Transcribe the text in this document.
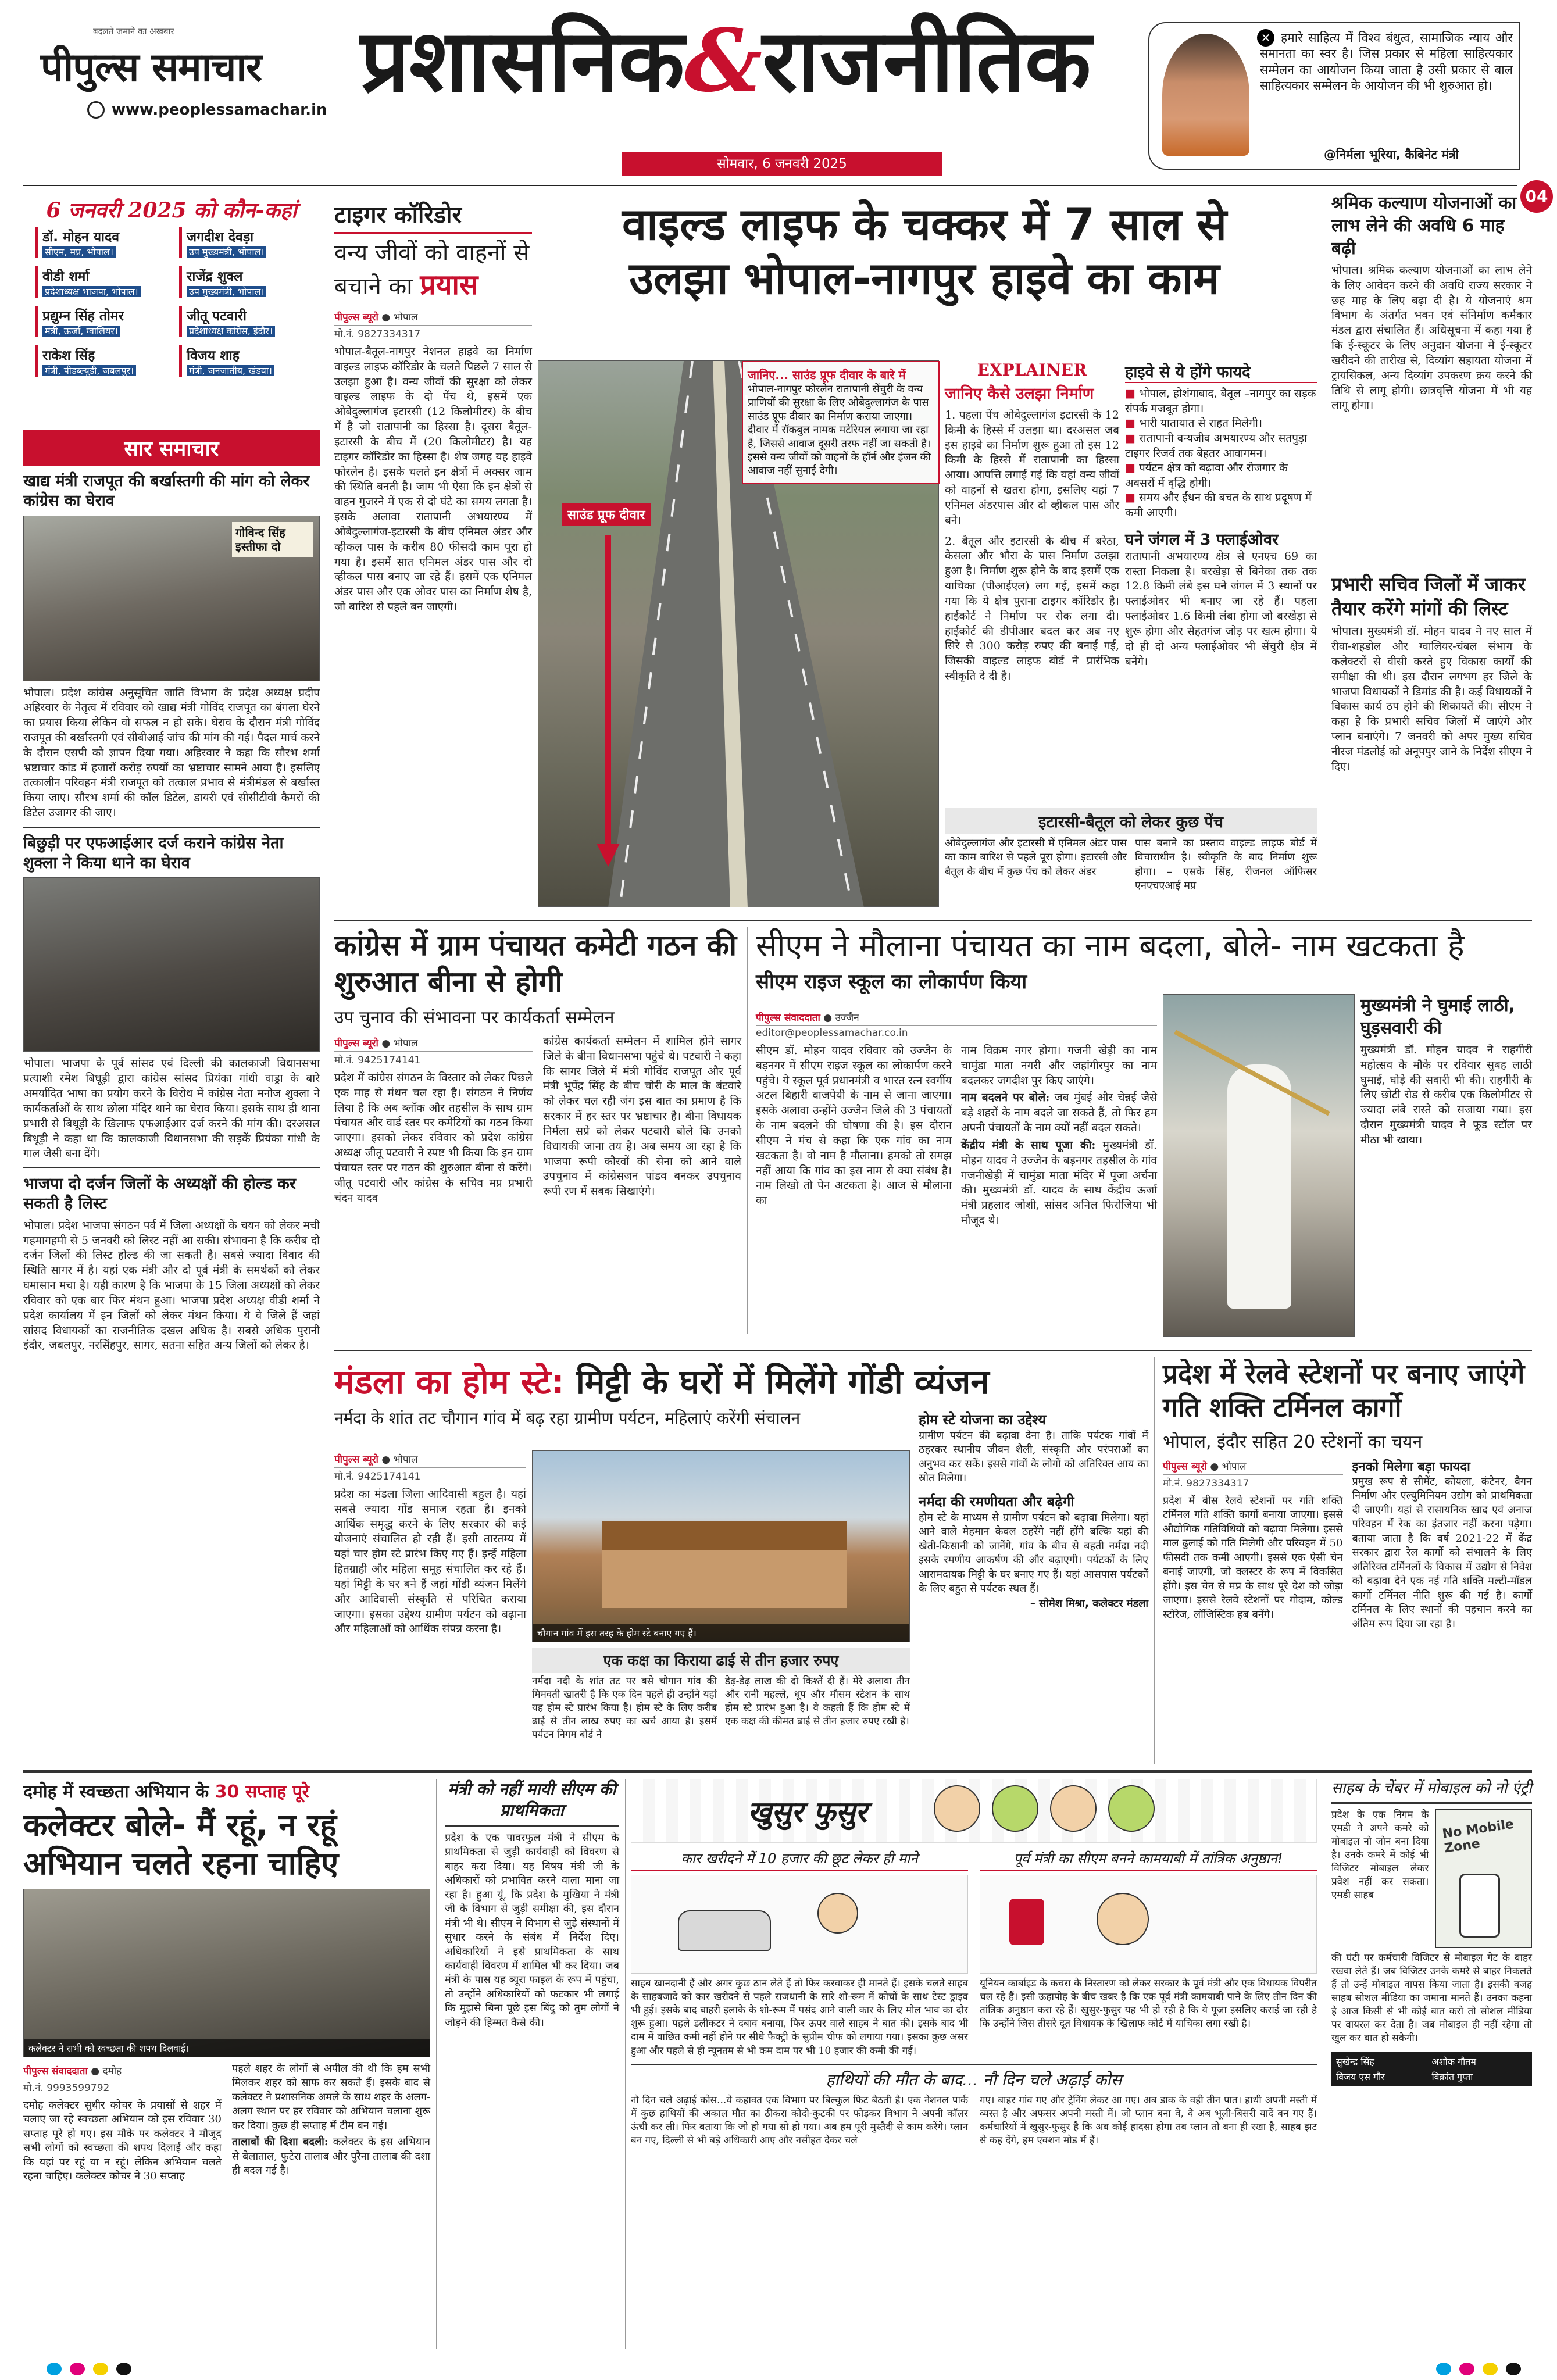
बदलते जमाने का अखबार
पीपुल्स समाचार
www.peoplessamachar.in प्रशासनिक&राजनीतिक
सोमवार, 6 जनवरी 2025
✕ हमारे साहित्य में विश्व बंधुत्व, सामाजिक न्याय और समानता का स्वर है। जिस प्रकार से महिला साहित्यकार सम्मेलन का आयोजन किया जाता है उसी प्रकार से बाल साहित्यकार सम्मेलन के आयोजन की भी शुरुआत हो।
@निर्मला भूरिया, कैबिनेट मंत्री
04
6 जनवरी 2025 को कौन-कहां
डॉ. मोहन यादव
सीएम, मप्र, भोपाल।
जगदीश देवड़ा
उप मुख्यमंत्री, भोपाल।
वीडी शर्मा
प्रदेशाध्यक्ष भाजपा, भोपाल।
राजेंद्र शुक्ल
उप मुख्यमंत्री, भोपाल।
प्रद्युम्न सिंह तोमर
मंत्री, ऊर्जा, ग्वालियर।
जीतू पटवारी
प्रदेशाध्यक्ष कांग्रेस, इंदौर।
राकेश सिंह
मंत्री, पीडब्ल्यूडी, जबलपुर।
विजय शाह
मंत्री, जनजातीय, खंडवा।
सार समाचार
खाद्य मंत्री राजपूत की बर्खास्तगी की मांग को लेकर कांग्रेस का घेराव
गोविन्द सिंह इस्तीफा दो
भोपाल। प्रदेश कांग्रेस अनुसूचित जाति विभाग के प्रदेश अध्यक्ष प्रदीप अहिरवार के नेतृत्व में रविवार को खाद्य मंत्री गोविंद राजपूत का बंगला घेरने का प्रयास किया लेकिन वो सफल न हो सके। घेराव के दौरान मंत्री गोविंद राजपूत की बर्खास्तगी एवं सीबीआई जांच की मांग की गई। पैदल मार्च करने के दौरान एसपी को ज्ञापन दिया गया। अहिरवार ने कहा कि सौरभ शर्मा भ्रष्टाचार कांड में हजारों करोड़ रुपयों का भ्रष्टाचार सामने आया है। इसलिए तत्कालीन परिवहन मंत्री राजपूत को तत्काल प्रभाव से मंत्रीमंडल से बर्खास्त किया जाए। सौरभ शर्मा की कॉल डिटेल, डायरी एवं सीसीटीवी कैमरों की डिटेल उजागर की जाए।
बिछुड़ी पर एफआईआर दर्ज कराने कांग्रेस नेता शुक्ला ने किया थाने का घेराव
भोपाल। भाजपा के पूर्व सांसद एवं दिल्ली की कालकाजी विधानसभा प्रत्याशी रमेश बिधूड़ी द्वारा कांग्रेस सांसद प्रियंका गांधी वाड्रा के बारे अमर्यादित भाषा का प्रयोग करने के विरोध में कांग्रेस नेता मनोज शुक्ला ने कार्यकर्ताओं के साथ छोला मंदिर थाने का घेराव किया। इसके साथ ही थाना प्रभारी से बिधूड़ी के खिलाफ एफआईआर दर्ज करने की मांग की। दरअसल बिधूड़ी ने कहा था कि कालकाजी विधानसभा की सड़कें प्रियंका गांधी के गाल जैसी बना देंगे।
भाजपा दो दर्जन जिलों के अध्यक्षों की होल्ड कर सकती है लिस्ट
भोपाल। प्रदेश भाजपा संगठन पर्व में जिला अध्यक्षों के चयन को लेकर मची गहमागहमी से 5 जनवरी को लिस्ट नहीं आ सकी। संभावना है कि करीब दो दर्जन जिलों की लिस्ट होल्ड की जा सकती है। सबसे ज्यादा विवाद की स्थिति सागर में है। यहां एक मंत्री और दो पूर्व मंत्री के समर्थकों को लेकर घमासान मचा है। यही कारण है कि भाजपा के 15 जिला अध्यक्षों को लेकर रविवार को एक बार फिर मंथन हुआ। भाजपा प्रदेश अध्यक्ष वीडी शर्मा ने प्रदेश कार्यालय में इन जिलों को लेकर मंथन किया। ये वे जिले हैं जहां सांसद विधायकों का राजनीतिक दखल अधिक है। सबसे अधिक पुरानी इंदौर, जबलपुर, नरसिंहपुर, सागर, सतना सहित अन्य जिलों को लेकर है।
टाइगर कॉरिडोर
वन्य जीवों को वाहनों से बचाने का प्रयास
पीपुल्स ब्यूरो ● भोपाल
मो.नं. 9827334317
भोपाल-बैतूल-नागपुर नेशनल हाइवे का निर्माण वाइल्ड लाइफ कॉरिडोर के चलते पिछले 7 साल से उलझा हुआ है। वन्य जीवों की सुरक्षा को लेकर वाइल्ड लाइफ के दो पेंच थे, इसमें एक ओबेदुल्लागंज इटारसी (12 किलोमीटर) के बीच में है जो रातापानी का हिस्सा है। दूसरा बैतूल-इटारसी के बीच में (20 किलोमीटर) है। यह टाइगर कॉरिडोर का हिस्सा है। शेष जगह यह हाइवे फोरलेन है। इसके चलते इन क्षेत्रों में अक्सर जाम की स्थिति बनती है। जाम भी ऐसा कि इन क्षेत्रों से वाहन गुजरने में एक से दो घंटे का समय लगता है। इसके अलावा रातापानी अभयारण्य में ओबेदुल्लागंज-इटारसी के बीच एनिमल अंडर और व्हीकल पास के करीब 80 फीसदी काम पूरा हो गया है। इसमें सात एनिमल अंडर पास और दो व्हीकल पास बनाए जा रहे हैं। इसमें एक एनिमल अंडर पास और एक ओवर पास का निर्माण शेष है, जो बारिश से पहले बन जाएगी।
वाइल्ड लाइफ के चक्कर में 7 साल से
उलझा भोपाल-नागपुर हाइवे का काम
साउंड प्रूफ दीवार
जानिए... साउंड प्रूफ दीवार के बारे में
भोपाल-नागपुर फोरलेन रातापानी सेंचुरी के वन्य प्राणियों की सुरक्षा के लिए ओबेदुल्लागंज के पास साउंड प्रूफ दीवार का निर्माण कराया जाएगा। दीवार में रॉकबुल नामक मटेरियल लगाया जा रहा है, जिससे आवाज दूसरी तरफ नहीं जा सकती है। इससे वन्य जीवों को वाहनों के हॉर्न और इंजन की आवाज नहीं सुनाई देगी।
EXPLAINER
जानिए कैसे उलझा निर्माण
1. पहला पेंच ओबेदुल्लागंज इटारसी के 12 किमी के हिस्से में उलझा था। दरअसल जब इस हाइवे का निर्माण शुरू हुआ तो इस 12 किमी के हिस्से में रातापानी का हिस्सा आया। आपत्ति लगाई गई कि यहां वन्य जीवों को वाहनों से खतरा होगा, इसलिए यहां 7 एनिमल अंडरपास और दो व्हीकल पास और बने।
2. बैतूल और इटारसी के बीच में बरेठा, केसला और भौरा के पास निर्माण उलझा हुआ है। निर्माण शुरू होने के बाद इसमें एक याचिका (पीआईएल) लग गई, इसमें कहा गया कि ये क्षेत्र पुराना टाइगर कॉरिडोर है। हाईकोर्ट ने निर्माण पर रोक लगा दी। हाईकोर्ट की डीपीआर बदल कर अब नए सिरे से 300 करोड़ रुपए की बनाई गई, जिसकी वाइल्ड लाइफ बोर्ड ने प्रारंभिक स्वीकृति दे दी है।
हाइवे से ये होंगे फायदे
■ भोपाल, होशंगाबाद, बैतूल –नागपुर का सड़क संपर्क मजबूत होगा।
■ भारी यातायात से राहत मिलेगी।
■ रातापानी वन्यजीव अभयारण्य और सतपुड़ा टाइगर रिजर्व तक बेहतर आवागमन।
■ पर्यटन क्षेत्र को बढ़ावा और रोजगार के अवसरों में वृद्धि होगी।
■ समय और ईंधन की बचत के साथ प्रदूषण में कमी आएगी।
घने जंगल में 3 फ्लाईओवर
रातापानी अभयारण्य क्षेत्र से एनएच 69 का रास्ता निकला है। बरखेड़ा से बिनेका तक तक 12.8 किमी लंबे इस घने जंगल में 3 स्थानों पर फ्लाईओवर भी बनाए जा रहे हैं। पहला फ्लाईओवर 1.6 किमी लंबा होगा जो बरखेड़ा से शुरू होगा और सेहतगंज जोड़ पर खत्म होगा। ये दो ही दो अन्य फ्लाईओवर भी सेंचुरी क्षेत्र में बनेंगे।
इटारसी-बैतूल को लेकर कुछ पेंच
ओबेदुल्लागंज और इटारसी में एनिमल अंडर पास का काम बारिश से पहले पूरा होगा। इटारसी और बैतूल के बीच में कुछ पेंच को लेकर अंडर
पास बनाने का प्रस्ताव वाइल्ड लाइफ बोर्ड में विचाराधीन है। स्वीकृति के बाद निर्माण शुरू होगा। – एसके सिंह, रीजनल ऑफिसर एनएचएआई मप्र
श्रमिक कल्याण योजनाओं का लाभ लेने की अवधि 6 माह बढ़ी
भोपाल। श्रमिक कल्याण योजनाओं का लाभ लेने के लिए आवेदन करने की अवधि राज्य सरकार ने छह माह के लिए बढ़ा दी है। ये योजनाएं श्रम विभाग के अंतर्गत भवन एवं संनिर्माण कर्मकार मंडल द्वारा संचालित हैं। अधिसूचना में कहा गया है कि ई-स्कूटर के लिए अनुदान योजना में ई-स्कूटर खरीदने की तारीख से, दिव्यांग सहायता योजना में ट्रायसिकल, अन्य दिव्यांग उपकरण क्रय करने की तिथि से लागू होगी। छात्रवृत्ति योजना में भी यह लागू होगा।
प्रभारी सचिव जिलों में जाकर तैयार करेंगे मांगों की लिस्ट
भोपाल। मुख्यमंत्री डॉ. मोहन यादव ने नए साल में रीवा-शहडोल और ग्वालियर-चंबल संभाग के कलेक्टरों से वीसी करते हुए विकास कार्यों की समीक्षा की थी। इस दौरान लगभग हर जिले के भाजपा विधायकों ने डिमांड की है। कई विधायकों ने विकास कार्य ठप होने की शिकायतें की। सीएम ने कहा है कि प्रभारी सचिव जिलों में जाएंगे और प्लान बनाएंगे। 7 जनवरी को अपर मुख्य सचिव नीरज मंडलोई को अनूपपुर जाने के निर्देश सीएम ने दिए।
कांग्रेस में ग्राम पंचायत कमेटी गठन की शुरुआत बीना से होगी
उप चुनाव की संभावना पर कार्यकर्ता सम्मेलन
पीपुल्स ब्यूरो ● भोपाल
मो.नं. 9425174141
प्रदेश में कांग्रेस संगठन के विस्तार को लेकर पिछले एक माह से मंथन चल रहा है। संगठन ने निर्णय लिया है कि अब ब्लॉक और तहसील के साथ ग्राम पंचायत और वार्ड स्तर पर कमेटियों का गठन किया जाएगा। इसको लेकर रविवार को प्रदेश कांग्रेस अध्यक्ष जीतू पटवारी ने स्पष्ट भी किया कि इन ग्राम पंचायत स्तर पर गठन की शुरुआत बीना से करेंगे। जीतू पटवारी और कांग्रेस के सचिव मप्र प्रभारी चंदन यादव
कांग्रेस कार्यकर्ता सम्मेलन में शामिल होने सागर जिले के बीना विधानसभा पहुंचे थे। पटवारी ने कहा कि सागर जिले में मंत्री गोविंद राजपूत और पूर्व मंत्री भूपेंद्र सिंह के बीच चोरी के माल के बंटवारे को लेकर चल रही जंग इस बात का प्रमाण है कि सरकार में हर स्तर पर भ्रष्टाचार है। बीना विधायक निर्मला सप्रे को लेकर पटवारी बोले कि उनको विधायकी जाना तय है। अब समय आ रहा है कि भाजपा रूपी कौरवों की सेना को आने वाले उपचुनाव में कांग्रेसजन पांडव बनकर उपचुनाव रूपी रण में सबक सिखाएंगे।
सीएम ने मौलाना पंचायत का नाम बदला, बोले- नाम खटकता है
सीएम राइज स्कूल का लोकार्पण किया
पीपुल्स संवाददाता ● उज्जैन
editor@peoplessamachar.co.in
सीएम डॉ. मोहन यादव रविवार को उज्जैन के बड़नगर में सीएम राइज स्कूल का लोकार्पण करने पहुंचे। ये स्कूल पूर्व प्रधानमंत्री व भारत रत्न स्वर्गीय अटल बिहारी वाजपेयी के नाम से जाना जाएगा। इसके अलावा उन्होंने उज्जैन जिले की 3 पंचायतों के नाम बदलने की घोषणा की है। इस दौरान सीएम ने मंच से कहा कि एक गांव का नाम खटकता है। वो नाम है मौलाना। हमको तो समझ नहीं आया कि गांव का इस नाम से क्या संबंध है। नाम लिखो तो पेन अटकता है। आज से मौलाना का
नाम विक्रम नगर होगा। गजनी खेड़ी का नाम चामुंडा माता नगरी और जहांगीरपुर का नाम बदलकर जगदीश पुर किए जाएंगे।
नाम बदलने पर बोले: जब मुंबई और चेन्नई जैसे बड़े शहरों के नाम बदले जा सकते हैं, तो फिर हम अपनी पंचायतों के नाम क्यों नहीं बदल सकते।
केंद्रीय मंत्री के साथ पूजा की: मुख्यमंत्री डॉ. मोहन यादव ने उज्जैन के बड़नगर तहसील के गांव गजनीखेड़ी में चामुंडा माता मंदिर में पूजा अर्चना की। मुख्यमंत्री डॉ. यादव के साथ केंद्रीय ऊर्जा मंत्री प्रहलाद जोशी, सांसद अनिल फिरोजिया भी मौजूद थे।
मुख्यमंत्री ने घुमाई लाठी, घुड़सवारी की
मुख्यमंत्री डॉ. मोहन यादव ने राहगीरी महोत्सव के मौके पर रविवार सुबह लाठी घुमाई, घोड़े की सवारी भी की। राहगीरी के लिए छोटी रोड से करीब एक किलोमीटर से ज्यादा लंबे रास्ते को सजाया गया। इस दौरान मुख्यमंत्री यादव ने फूड स्टॉल पर मीठा भी खाया।
मंडला का होम स्टे: मिट्टी के घरों में मिलेंगे गोंडी व्यंजन
नर्मदा के शांत तट चौगान गांव में बढ़ रहा ग्रामीण पर्यटन, महिलाएं करेंगी संचालन
पीपुल्स ब्यूरो ● भोपाल
मो.नं. 9425174141
प्रदेश का मंडला जिला आदिवासी बहुल है। यहां सबसे ज्यादा गोंड समाज रहता है। इनको आर्थिक समृद्ध करने के लिए सरकार की कई योजनाएं संचालित हो रही हैं। इसी तारतम्य में यहां चार होम स्टे प्रारंभ किए गए हैं। इन्हें महिला हितग्राही और महिला समूह संचालित कर रहे हैं। यहां मिट्टी के घर बने हैं जहां गोंडी व्यंजन मिलेंगे और आदिवासी संस्कृति से परिचित कराया जाएगा। इसका उद्देश्य ग्रामीण पर्यटन को बढ़ाना और महिलाओं को आर्थिक संपन्न करना है।	चौगान गांव में इस तरह के होम स्टे बनाए गए हैं।
एक कक्ष का किराया ढाई से तीन हजार रुपए
नर्मदा नदी के शांत तट पर बसे चौगान गांव की मिमवती खातरी है कि एक दिन पहले ही उन्होंने यहां यह होम स्टे प्रारंभ किया है। होम स्टे के लिए करीब ढाई से तीन लाख रुपए का खर्च आया है। इसमें पर्यटन निगम बोर्ड ने
डेढ़-डेढ़ लाख की दो किश्तें दी हैं। मेरे अलावा तीन और रानी महल्ले, धूप और मौसम स्टेशन के साथ होम स्टे प्रारंभ हुआ है। वे कहती हैं कि होम स्टे में एक कक्ष की कीमत ढाई से तीन हजार रुपए रखी है।
होम स्टे योजना का उद्देश्य
ग्रामीण पर्यटन की बढ़ावा देना है। ताकि पर्यटक गांवों में ठहरकर स्थानीय जीवन शैली, संस्कृति और परंपराओं का अनुभव कर सकें। इससे गांवों के लोगों को अतिरिक्त आय का स्रोत मिलेगा।
नर्मदा की रमणीयता और बढ़ेगी
होम स्टे के माध्यम से ग्रामीण पर्यटन को बढ़ावा मिलेगा। यहां आने वाले मेहमान केवल ठहरेंगे नहीं होंगे बल्कि यहां की खेती-किसानी को जानेंगे, गांव के बीच से बहती नर्मदा नदी इसके रमणीय आकर्षण की और बढ़ाएगी। पर्यटकों के लिए आरामदायक मिट्टी के घर बनाए गए हैं। यहां आसपास पर्यटकों के लिए बहुत से पर्यटक स्थल हैं।
– सोमेश मिश्रा, कलेक्टर मंडला
प्रदेश में रेलवे स्टेशनों पर बनाए जाएंगे गति शक्ति टर्मिनल कार्गो
भोपाल, इंदौर सहित 20 स्टेशनों का चयन
पीपुल्स ब्यूरो ● भोपाल
मो.नं. 9827334317
प्रदेश में बीस रेलवे स्टेशनों पर गति शक्ति टर्मिनल गति शक्ति कार्गो बनाया जाएगा। इससे औद्योगिक गतिविधियों को बढ़ावा मिलेगा। इससे माल ढुलाई को गति मिलेगी और परिवहन में 50 फीसदी तक कमी आएगी। इससे एक ऐसी चेन बनाई जाएगी, जो क्लस्टर के रूप में विकसित होंगे। इस चेन से मप्र के साथ पूरे देश को जोड़ा जाएगा। इससे रेलवे स्टेशनों पर गोदाम, कोल्ड स्टोरेज, लॉजिस्टिक हब बनेंगे।
इनको मिलेगा बड़ा फायदा
प्रमुख रूप से सीमेंट, कोयला, कंटेनर, वैगन निर्माण और एल्युमिनियम उद्योग को प्राथमिकता दी जाएगी। यहां से रासायनिक खाद एवं अनाज परिवहन में रेक का इंतजार नहीं करना पड़ेगा। बताया जाता है कि वर्ष 2021-22 में केंद्र सरकार द्वारा रेल कार्गो को संभालने के लिए अतिरिक्त टर्मिनलों के विकास में उद्योग से निवेश को बढ़ावा देने एक नई गति शक्ति मल्टी-मॉडल कार्गो टर्मिनल नीति शुरू की गई है। कार्गो टर्मिनल के लिए स्थानों की पहचान करने का अंतिम रूप दिया जा रहा है।
दमोह में स्वच्छता अभियान के 30 सप्ताह पूरे
कलेक्टर बोले- मैं रहूं, न रहूं अभियान चलते रहना चाहिए
कलेक्टर ने सभी को स्वच्छता की शपथ दिलवाई।
पीपुल्स संवाददाता ● दमोह
मो.नं. 9993599792
दमोह कलेक्टर सुधीर कोचर के प्रयासों से शहर में चलाए जा रहे स्वच्छता अभियान को इस रविवार 30 सप्ताह पूरे हो गए। इस मौके पर कलेक्टर ने मौजूद सभी लोगों को स्वच्छता की शपथ दिलाई और कहा कि यहां पर रहूं या न रहूं। लेकिन अभियान चलते रहना चाहिए। कलेक्टर कोचर ने 30 सप्ताह
पहले शहर के लोगों से अपील की थी कि हम सभी मिलकर शहर को साफ कर सकते हैं। इसके बाद से कलेक्टर ने प्रशासनिक अमले के साथ शहर के अलग-अलग स्थान पर हर रविवार को अभियान चलाना शुरू कर दिया। कुछ ही सप्ताह में टीम बन गई।
तालाबों की दिशा बदली: कलेक्टर के इस अभियान से बेलाताल, फुटेरा तालाब और पुरैना तालाब की दशा ही बदल गई है।
मंत्री को नहीं मायी सीएम की प्राथमिकता
प्रदेश के एक पावरफुल मंत्री ने सीएम के प्राथमिकता से जुड़ी कार्यवाही को विवरण से बाहर करा दिया। यह विषय मंत्री जी के अधिकारों को प्रभावित करने वाला माना जा रहा है। हुआ यूं, कि प्रदेश के मुखिया ने मंत्री जी के विभाग से जुड़ी समीक्षा की, इस दौरान मंत्री भी थे। सीएम ने विभाग से जुड़े संस्थानों में सुधार करने के संबंध में निर्देश दिए। अधिकारियों ने इसे प्राथमिकता के साथ कार्यवाही विवरण में शामिल भी कर दिया। जब मंत्री के पास यह ब्यूरा फाइल के रूप में पहुंचा, तो उन्होंने अधिकारियों को फटकार भी लगाई कि मुझसे बिना पूछे इस बिंदु को तुम लोगों ने जोड़ने की हिम्मत कैसे की।
खुसुर फुसुर
कार खरीदने में 10 हजार की छूट लेकर ही माने
साहब खानदानी हैं और अगर कुछ ठान लेते हैं तो फिर करवाकर ही मानते हैं। इसके चलते साहब के साहबजादे को कार खरीदने से पहले राजधानी के सारे शो-रूम में कोचों के साथ टेस्ट ड्राइव भी हुई। इसके बाद बाहरी इलाके के शो-रूम में पसंद आने वाली कार के लिए मोल भाव का दौर शुरू हुआ। पहले डलीकटर ने दबाव बनाया, फिर ऊपर वाले साहब ने बात की। इसके बाद भी दाम में वाछित कमी नहीं होने पर सीधे फैक्ट्री के सुप्रीम चीफ को लगाया गया। इसका कुछ असर हुआ और पहले से ही न्यूनतम से भी कम दाम पर भी 10 हजार की कमी की गई।
पूर्व मंत्री का सीएम बनने कामयाबी में तांत्रिक अनुष्ठान!
यूनियन कार्बाइड के कचरा के निस्तारण को लेकर सरकार के पूर्व मंत्री और एक विधायक विपरीत चल रहे हैं। इसी ऊहापोह के बीच खबर है कि एक पूर्व मंत्री कामयाबी पाने के लिए तीन दिन की तांत्रिक अनुष्ठान करा रहे हैं। खुसुर-फुसुर यह भी हो रही है कि ये पूजा इसलिए कराई जा रही है कि उन्होंने जिस तीसरे दूत विधायक के खिलाफ कोर्ट में याचिका लगा रखी है।
हाथियों की मौत के बाद... नौ दिन चले अढ़ाई कोस
नौ दिन चले अढ़ाई कोस...ये कहावत एक विभाग पर बिल्कुल फिट बैठती है। एक नेशनल पार्क में कुछ हाथियों की अकाल मौत का ठीकरा कोदो-कुटकी पर फोड़कर विभाग ने अपनी कॉलर ऊंची कर ली। फिर बताया कि जो हो गया सो हो गया। अब हम पूरी मुस्तैदी से काम करेंगे। प्लान बन गए, दिल्ली से भी बड़े अधिकारी आए और नसीहत देकर चले
गए। बाहर गांव गए और ट्रेनिंग लेकर आ गए। अब डाक के वही तीन पात। हाथी अपनी मस्ती में व्यस्त है और अफसर अपनी मस्ती में। जो प्लान बना वे, वे अब भूली-बिसरी यादें बन गए हैं। कर्मचारियों में खुसुर-फुसुर है कि अब कोई हादसा होगा तब प्लान तो बना ही रखा है, साहब झट से कह देंगे, हम एक्शन मोड में हैं।
साहब के चेंबर में मोबाइल को नो एंट्री
प्रदेश के एक निगम के एमडी ने अपने कमरे को मोबाइल नो जोन बना दिया है। उनके कमरे में कोई भी विजिटर मोबाइल लेकर प्रवेश नहीं कर सकता। एमडी साहब
No Mobile Zone
की घंटी पर कर्मचारी विजिटर से मोबाइल गेट के बाहर रखवा लेते हैं। जब विजिटर उनके कमरे से बाहर निकलते हैं तो उन्हें मोबाइल वापस किया जाता है। इसकी वजह साहब सोशल मीडिया का जमाना मानते हैं। उनका कहना है आज किसी से भी कोई बात करो तो सोशल मीडिया पर वायरल कर देता है। जब मोबाइल ही नहीं रहेगा तो खुल कर बात हो सकेगी।
सुखेन्द्र सिंह	अशोक गौतम
विजय एस गौर	विक्रांत गुप्ता
